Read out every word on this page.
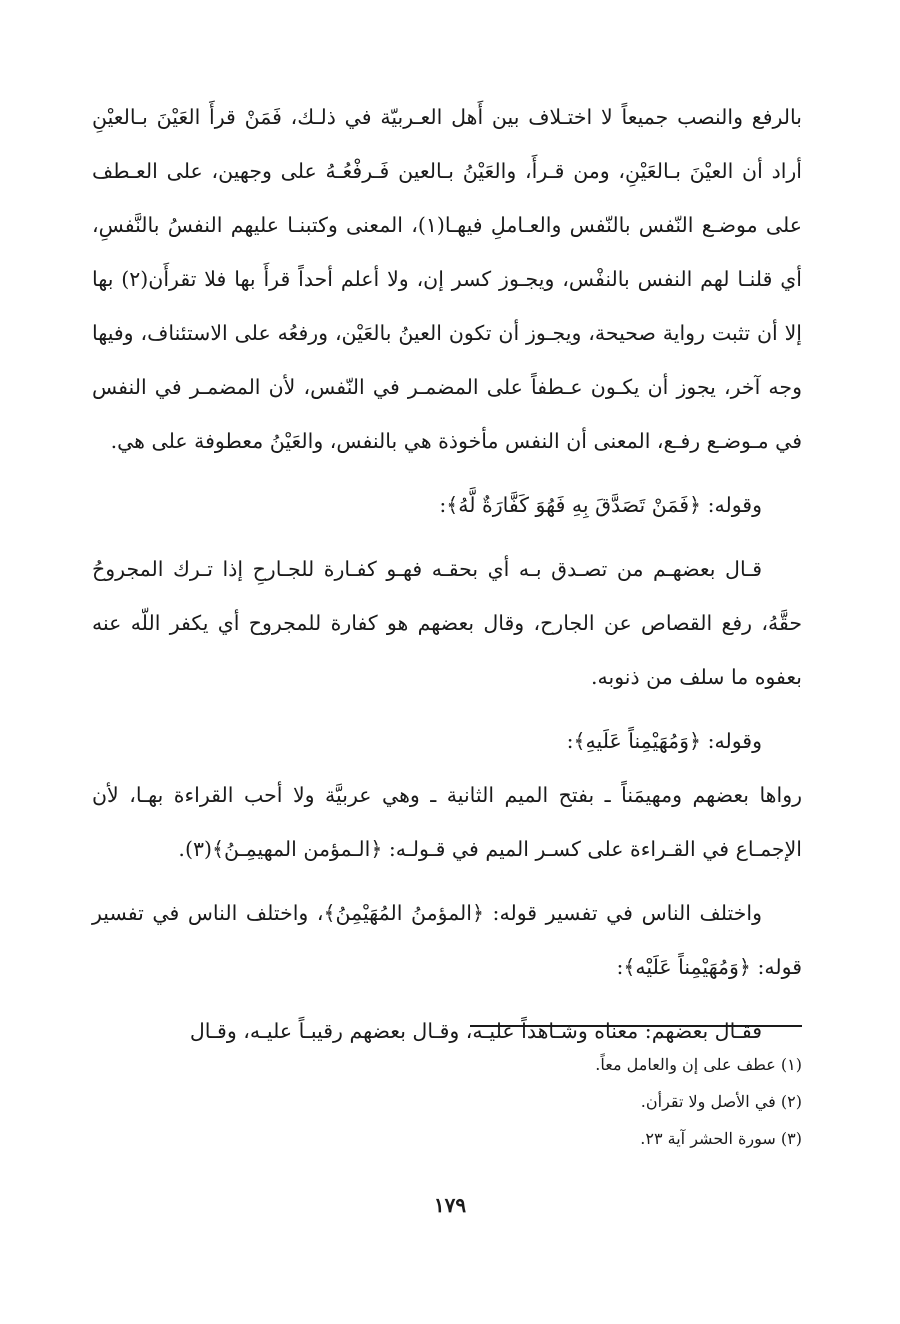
بالرفع والنصب جميعاً لا اختـلاف بين أَهل العـربيّة في ذلـك، فَمَنْ قرأَ العَيْنَ بـالعيْنِ أراد أن العيْنَ بـالعَيْنِ، ومن قـرأَ، والعَيْنُ بـالعين فَـرفْعُـهُ على وجهين، على العـطف على موضـع النّفس بالنّفس والعـاملِ فيهـا(١)، المعنى وكتبنـا عليهم النفسُ بالنَّفسِ، أي قلنـا لهم النفس بالنفْس، ويجـوز كسر إن، ولا أعلم أحداً قرأَ بها فلا تقرأَن(٢) بها إلا أن تثبت رواية صحيحة، ويجـوز أن تكون العينُ بالعَيْن، ورفعُه على الاستئناف، وفيها وجه آخر، يجوز أن يكـون عـطفاً على المضمـر في النّفس، لأن المضمـر في النفس في مـوضـع رفـع، المعنى أن النفس مأخوذة هي بالنفس، والعَيْنُ معطوفة على هي.

وقوله: ﴿فَمَنْ تَصَدَّقَ بِهِ فَهُوَ كَفَّارَةٌ لَّهُ﴾:

قـال بعضهـم من تصـدق بـه أي بحقـه فهـو كفـارة للجـارحِ إذا تـرك المجروحُ حقَّهُ، رفع القصاص عن الجارح، وقال بعضهم هو كفارة للمجروح أي يكفر اللّه عنه بعفوه ما سلف من ذنوبه.

وقوله: ﴿وَمُهَيْمِناً عَلَيهِ﴾:

رواها بعضهم ومهيمَناً ـ بفتح الميم الثانية ـ وهي عربيَّة ولا أحب القراءة بهـا، لأن الإجمـاع في القـراءة على كسـر الميم في قـولـه: ﴿الـمؤمن المهيمِـنُ﴾(٣).

واختلف الناس في تفسير قوله: ﴿المؤمنُ المُهَيْمِنُ﴾، واختلف الناس في تفسير قوله: ﴿وَمُهَيْمِناً عَلَيْه﴾:

فقـال بعضهم: معناه وشـاهداً عليـه، وقـال بعضهم رقيبـاً عليـه، وقـال

(١) عطف على إن والعامل معاً.
(٢) في الأصل ولا تقرأن.
(٣) سورة الحشر آية ٢٣.
١٧٩
